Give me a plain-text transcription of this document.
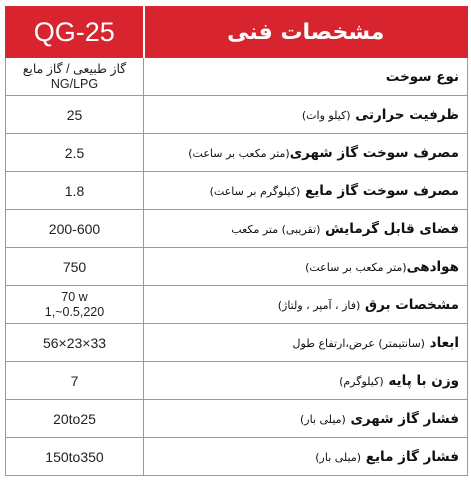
QG-25	مشخصات فنی
گاز طبیعی / گاز مایع
NG/LPG	نوع سوخت
25	ظرفیت حرارتی (کیلو وات)
2.5	مصرف سوخت گاز شهری(متر مکعب بر ساعت)
1.8	مصرف سوخت گاز مایع (کیلوگرم بر ساعت)
200-600	فضای قابل گرمایش (تقریبی) متر مکعب
750	هوادهی(متر مکعب بر ساعت)
70 w
1,~0.5,220	مشخصات برق (فاز ، آمپر ، ولتاژ)
56×23×33	ابعاد (سانتیمتر) عرض،ارتفاع طول
7	وزن با پایه (کیلوگرم)
20to25	فشار گاز شهری (میلی بار)
150to350	فشار گاز مایع (میلی بار)
